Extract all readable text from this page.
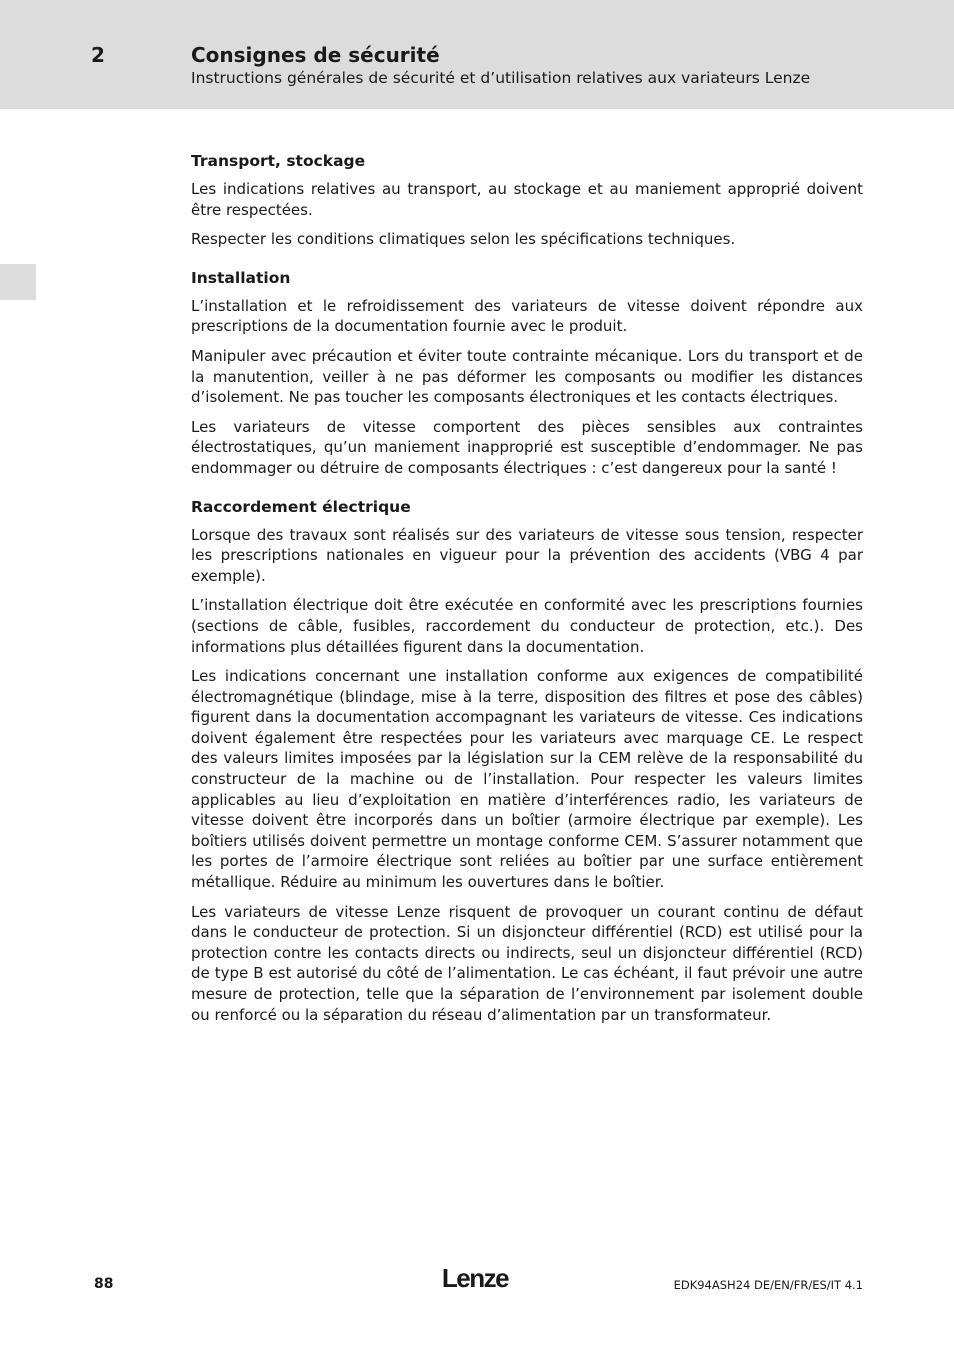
2	Consignes de sécurité
Instructions générales de sécurité et d’utilisation relatives aux variateurs Lenze

Transport, stockage

Les indications relatives au transport, au stockage et au maniement approprié doivent être respectées.

Respecter les conditions climatiques selon les spécifications techniques.

Installation

L’installation et le refroidissement des variateurs de vitesse doivent répondre aux prescriptions de la documentation fournie avec le produit.

Manipuler avec précaution et éviter toute contrainte mécanique. Lors du transport et de la manutention, veiller à ne pas déformer les composants ou modifier les distances d’isolement. Ne pas toucher les composants électroniques et les contacts électriques.

Les variateurs de vitesse comportent des pièces sensibles aux contraintes électrostatiques, qu’un maniement inapproprié est susceptible d’endommager. Ne pas endommager ou détruire de composants électriques : c’est dangereux pour la santé !

Raccordement électrique

Lorsque des travaux sont réalisés sur des variateurs de vitesse sous tension, respecter les prescriptions nationales en vigueur pour la prévention des accidents (VBG 4 par exemple).

L’installation électrique doit être exécutée en conformité avec les prescriptions fournies (sections de câble, fusibles, raccordement du conducteur de protection, etc.). Des informations plus détaillées figurent dans la documentation.

Les indications concernant une installation conforme aux exigences de compatibilité électromagnétique (blindage, mise à la terre, disposition des filtres et pose des câbles) figurent dans la documentation accompagnant les variateurs de vitesse. Ces indications doivent également être respectées pour les variateurs avec marquage CE. Le respect des valeurs limites imposées par la législation sur la CEM relève de la responsabilité du constructeur de la machine ou de l’installation. Pour respecter les valeurs limites applicables au lieu d’exploitation en matière d’interférences radio, les variateurs de vitesse doivent être incorporés dans un boîtier (armoire électrique par exemple). Les boîtiers utilisés doivent permettre un montage conforme CEM. S’assurer notamment que les portes de l’armoire électrique sont reliées au boîtier par une surface entièrement métallique. Réduire au minimum les ouvertures dans le boîtier.

Les variateurs de vitesse Lenze risquent de provoquer un courant continu de défaut dans le conducteur de protection. Si un disjoncteur différentiel (RCD) est utilisé pour la protection contre les contacts directs ou indirects, seul un disjoncteur différentiel (RCD) de type B est autorisé du côté de l’alimentation. Le cas échéant, il faut prévoir une autre mesure de protection, telle que la séparation de l’environnement par isolement double ou renforcé ou la séparation du réseau d’alimentation par un transformateur.

88	Lenze	EDK94ASH24 DE/EN/FR/ES/IT 4.1
